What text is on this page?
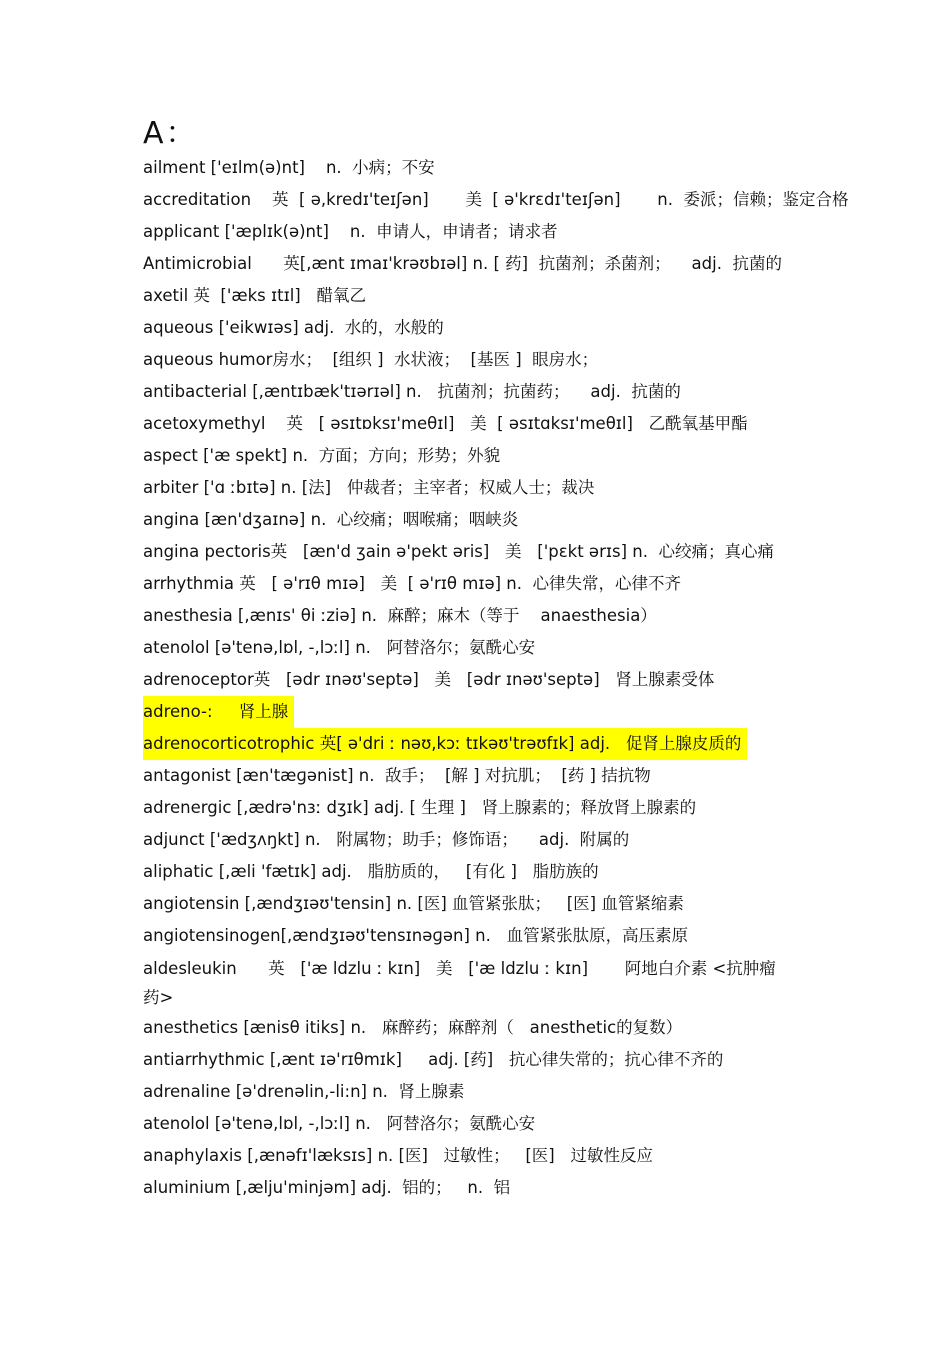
A：
ailment ['eɪlm(ə)nt]    n.  小病；不安
accreditation    英  [ ə,kredɪ'teɪʃən]       美  [ ə'krɛdɪ'teɪʃən]       n.  委派；信赖；鉴定合格
applicant ['æplɪk(ə)nt]    n.  申请人，申请者；请求者
Antimicrobial      英[,ænt ɪmaɪ'krəʊbɪəl] n. [ 药]  抗菌剂；杀菌剂；    adj.  抗菌的
axetil 英  ['æks ɪtɪl]   醋氧乙
aqueous ['eikwɪəs] adj.  水的，水般的
aqueous humor房水；  [组织 ]  水状液；  [基医 ]  眼房水；
antibacterial [,æntɪbæk'tɪərɪəl] n.   抗菌剂；抗菌药；    adj.  抗菌的
acetoxymethyl    英   [ əsɪtɒksɪ'meθɪl]   美  [ əsɪtɑksɪ'meθɪl]   乙酰氧基甲酯
aspect ['æ spekt] n.  方面；方向；形势；外貌
arbiter ['ɑ ːbɪtə] n. [法]   仲裁者；主宰者；权威人士；裁决
angina [æn'dʒaɪnə] n.  心绞痛；咽喉痛；咽峡炎
angina pectoris英   [æn'd ʒain ə'pekt əris]   美   ['pɛkt ərɪs] n.  心绞痛；真心痛
arrhythmia 英   [ ə'rɪθ mɪə]   美  [ ə'rɪθ mɪə] n.  心律失常，心律不齐
anesthesia [,ænɪs' θi ːziə] n.  麻醉；麻木（等于    anaesthesia）
atenolol [ə'tenə,lɒl, -,lɔːl] n.   阿替洛尔；氨酰心安
adrenoceptor英   [ədr ɪnəʊ'septə]   美   [ədr ɪnəʊ'septə]   肾上腺素受体
adreno-:     肾上腺
adrenocorticotrophic 英[ ə'dri ː nəʊ,kɔː tɪkəʊ'trəʊfɪk] adj.   促肾上腺皮质的
antagonist [æn'tæɡənist] n.  敌手；  [解 ] 对抗肌；  [药 ] 拮抗物
adrenergic [,ædrə'nɜː dʒɪk] adj. [ 生理 ]   肾上腺素的；释放肾上腺素的
adjunct ['ædʒʌŋkt] n.   附属物；助手；修饰语；    adj.  附属的
aliphatic [,æli 'fætɪk] adj.   脂肪质的，   [有化 ]   脂肪族的
angiotensin [,ændʒɪəʊ'tensin] n. [医] 血管紧张肽；   [医] 血管紧缩素
angiotensinogen[,ændʒɪəʊ'tensɪnəɡən] n.   血管紧张肽原，高压素原
aldesleukin      英   ['æ ldzlu ː kɪn]   美   ['æ ldzlu ː kɪn]       阿地白介素 <抗肿瘤
药>
anesthetics [ænisθ itiks] n.   麻醉药；麻醉剂（   anesthetic的复数）
antiarrhythmic [,ænt ɪə'rɪθmɪk]     adj. [药]   抗心律失常的；抗心律不齐的
adrenaline [ə'drenəlin,-li:n] n.  肾上腺素
atenolol [ə'tenə,lɒl, -,lɔːl] n.   阿替洛尔；氨酰心安
anaphylaxis [,ænəfɪ'læksɪs] n. [医]   过敏性；   [医]   过敏性反应
aluminium [,ælju'minjəm] adj.  铝的；   n.  铝
